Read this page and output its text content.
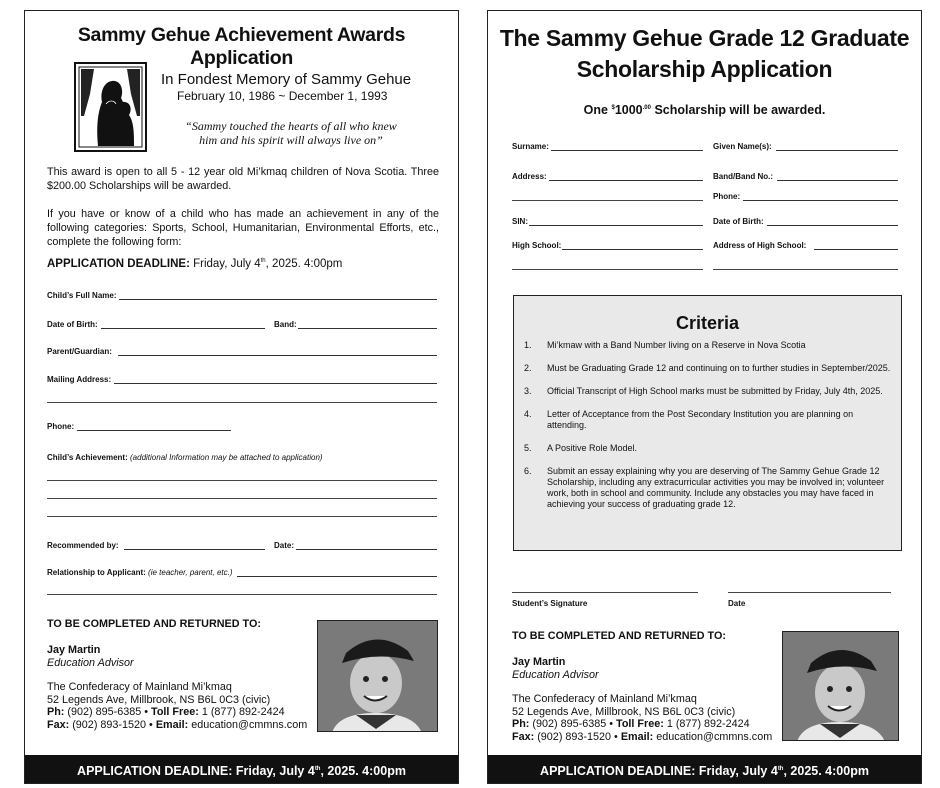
Sammy Gehue Achievement Awards Application
In Fondest Memory of Sammy Gehue
February 10, 1986 ~ December 1, 1993
“Sammy touched the hearts of all who knew
him and his spirit will always live on”
This award is open to all 5 - 12 year old Mi’kmaq children of Nova Scotia. Three $200.00 Scholarships will be awarded.
If you have or know of a child who has made an achievement in any of the following categories: Sports, School, Humanitarian, Environmental Efforts, etc., complete the following form:
APPLICATION DEADLINE: Friday, July 4th, 2025. 4:00pm
Child’s Full Name:
Date of Birth:	Band:
Parent/Guardian:
Mailing Address:
Phone:
Child’s Achievement: (additional Information may be attached to application)
Recommended by:	Date:
Relationship to Applicant: (ie teacher, parent, etc.)
TO BE COMPLETED AND RETURNED TO:
Jay Martin
Education Advisor
The Confederacy of Mainland Mi’kmaq
52 Legends Ave, Millbrook, NS B6L 0C3 (civic)
Ph: (902) 895-6385 • Toll Free: 1 (877) 892-2424
Fax: (902) 893-1520 • Email: education@cmmns.com
APPLICATION DEADLINE: Friday, July 4th, 2025. 4:00pm
The Sammy Gehue Grade 12 Graduate
Scholarship Application
One $^{\$}1000^{.00}$ Scholarship will be awarded.
Surname:	Given Name(s):
Address:	Band/Band No.:
Phone:
SIN:	Date of Birth:
High School:	Address of High School:
Criteria
1.	Mi’kmaw with a Band Number living on a Reserve in Nova Scotia
2.	Must be Graduating Grade 12 and continuing on to further studies in September/2025.
3.	Official Transcript of High School marks must be submitted by Friday, July 4th, 2025.
4.	Letter of Acceptance from the Post Secondary Institution you are planning on attending.
5.	A Positive Role Model.
6.	Submit an essay explaining why you are deserving of The Sammy Gehue Grade 12 Scholarship, including any extracurricular activities you may be involved in; volunteer work, both in school and community. Include any obstacles you may have faced in achieving your success of graduating grade 12.
Student’s Signature	Date
TO BE COMPLETED AND RETURNED TO:
Jay Martin
Education Advisor
The Confederacy of Mainland Mi’kmaq
52 Legends Ave, Millbrook, NS B6L 0C3 (civic)
Ph: (902) 895-6385 • Toll Free: 1 (877) 892-2424
Fax: (902) 893-1520 • Email: education@cmmns.com
APPLICATION DEADLINE: Friday, July 4th, 2025. 4:00pm
